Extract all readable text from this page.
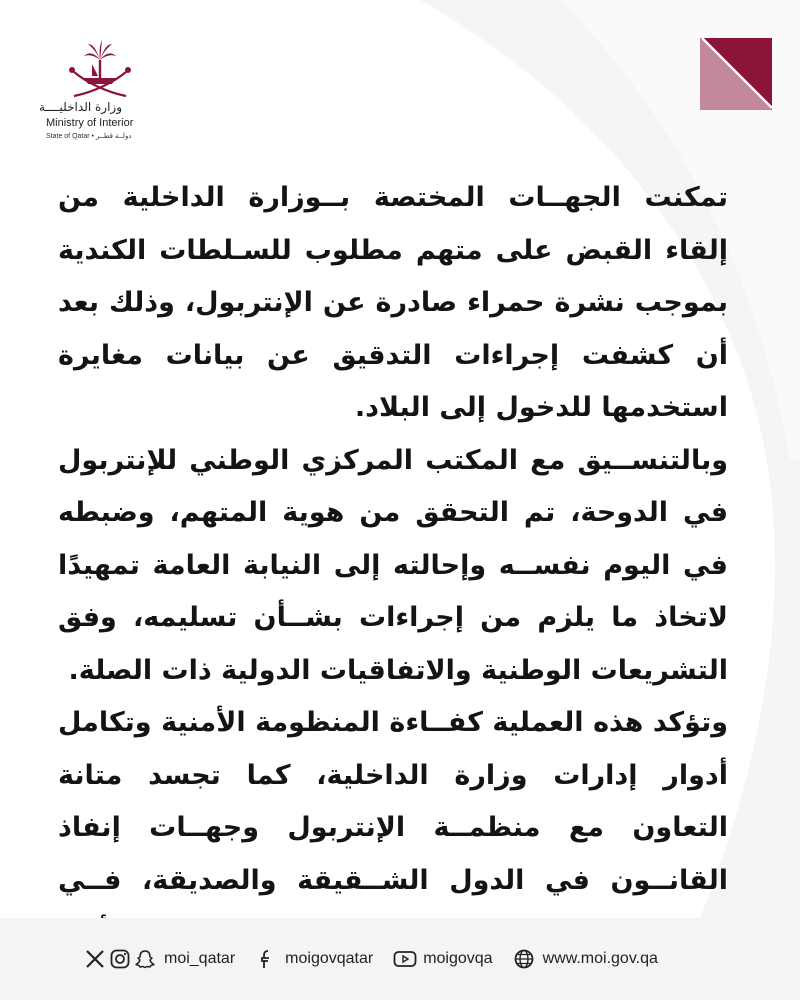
وزارة الداخليــــة
Ministry of Interior
State of Qatar • دولــة قطــر

تمكنت الجهــات المختصة بــوزارة الداخلية من إلقاء القبض على متهم مطلوب للسـلطات الكندية بموجب نشرة حمراء صادرة عن الإنتربول، وذلك بعد أن كشفت إجراءات التدقيق عن بيانات مغايرة استخدمها للدخول إلى البلاد.

وبالتنســيق مع المكتب المركزي الوطني للإنتربول في الدوحة، تم التحقق من هوية المتهم، وضبطه في اليوم نفســه وإحالته إلى النيابة العامة تمهيدًا لاتخاذ ما يلزم من إجراءات بشــأن تسليمه، وفق التشريعات الوطنية والاتفاقيات الدولية ذات الصلة.

وتؤكد هذه العملية كفــاءة المنظومة الأمنية وتكامل أدوار إدارات وزارة الداخلية، كما تجسد متانة التعاون مع منظمــة الإنتربول وجهــات إنفاذ القانــون في الدول الشــقيقة والصديقة، فــي

moi_qatar	moigovqatar	moigovqa	www.moi.gov.qa
